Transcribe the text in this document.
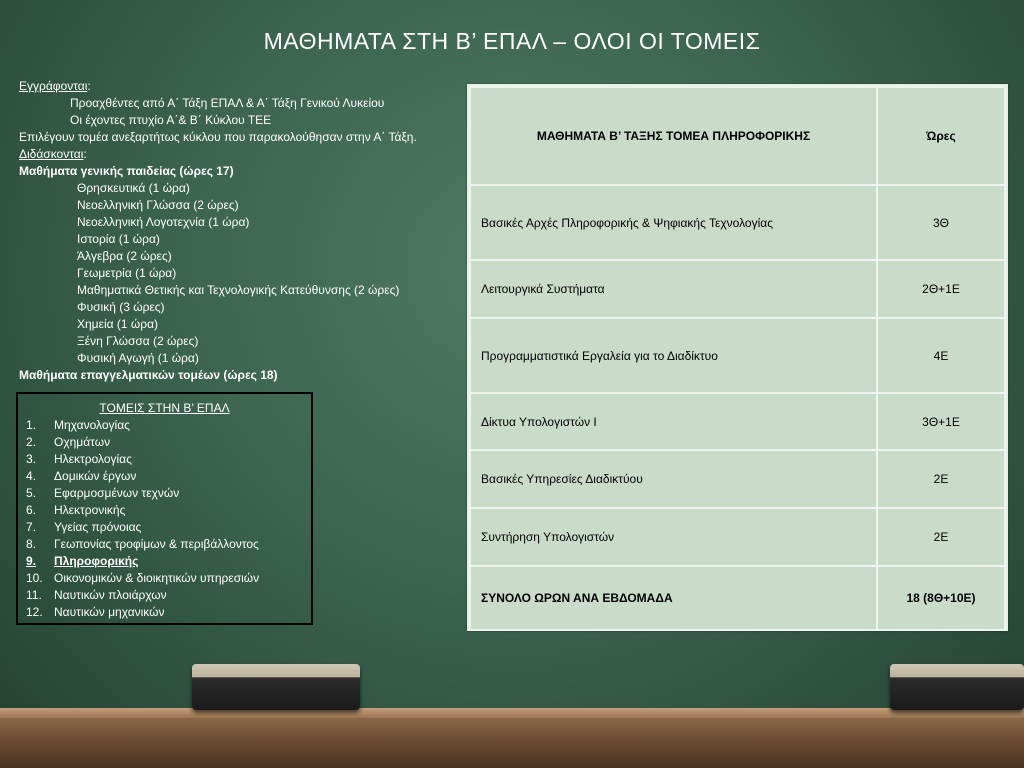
ΜΑΘΗΜΑΤΑ ΣΤΗ Β’ ΕΠΑΛ – ΟΛΟΙ ΟΙ ΤΟΜΕΙΣ
Εγγράφονται:
Προαχθέντες από Α΄ Τάξη ΕΠΑΛ & Α΄ Τάξη Γενικού Λυκείου
Οι έχοντες πτυχίο Α΄& Β΄ Κύκλου ΤΕΕ
Επιλέγουν τομέα ανεξαρτήτως κύκλου που παρακολούθησαν στην Α΄ Τάξη.
Διδάσκονται:
Μαθήματα γενικής παιδείας (ώρες 17)
Θρησκευτικά (1 ώρα)
Νεοελληνική Γλώσσα (2 ώρες)
Νεοελληνική Λογοτεχνία (1 ώρα)
Ιστορία (1 ώρα)
Άλγεβρα (2 ώρες)
Γεωμετρία (1 ώρα)
Μαθηματικά Θετικής και Τεχνολογικής Κατεύθυνσης (2 ώρες)
Φυσική (3 ώρες)
Χημεία (1 ώρα)
Ξένη Γλώσσα (2 ώρες)
Φυσική Αγωγή (1 ώρα)
Μαθήματα επαγγελματικών τομέων (ώρες 18)
ΤΟΜΕΙΣ ΣΤΗΝ Β’ ΕΠΑΛ
1.	Μηχανολογίας
2.	Οχημάτων
3.	Ηλεκτρολογίας
4.	Δομικών έργων
5.	Εφαρμοσμένων τεχνών
6.	Ηλεκτρονικής
7.	Υγείας πρόνοιας
8.	Γεωπονίας τροφίμων & περιβάλλοντος
9.	Πληροφορικής
10. Οικονομικών & διοικητικών υπηρεσιών
11.	Ναυτικών πλοιάρχων
12. Ναυτικών μηχανικών
ΜΑΘΗΜΑΤΑ Β’ ΤΑΞΗΣ ΤΟΜΕΑ ΠΛΗΡΟΦΟΡΙΚΗΣ	Ώρες
Βασικές Αρχές Πληροφορικής & Ψηφιακής Τεχνολογίας	3Θ
Λειτουργικά Συστήματα	2Θ+1Ε
Προγραμματιστικά Εργαλεία για το Διαδίκτυο	4Ε
Δίκτυα Υπολογιστών Ι	3Θ+1Ε
Βασικές Υπηρεσίες Διαδικτύου	2Ε
Συντήρηση Υπολογιστών	2Ε
ΣΥΝΟΛΟ ΩΡΩΝ ΑΝΑ ΕΒΔΟΜΑΔΑ	18 (8Θ+10Ε)
